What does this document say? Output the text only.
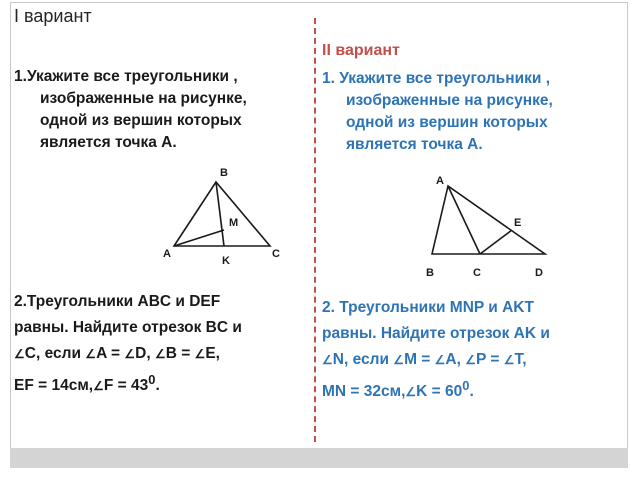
I вариант
1.Укажите все треугольники ,
изображенные на рисунке,
одной из вершин которых
является точка А.
B
M
A	C
K
A
E
B	C	D
2.Треугольники ABC и DEF
равны. Найдите отрезок BC и
∠C, если ∠A = ∠D, ∠B = ∠E,
EF = 14см,∠F = $43^0$.
II вариант
1. Укажите все треугольники ,
изображенные на рисунке,
одной из вершин которых
является точка А.
2. Треугольники MNP и AKT
равны. Найдите отрезок AK и
∠N, если ∠M = ∠A, ∠P = ∠T,
MN = 32см,∠K = $60^0$.
